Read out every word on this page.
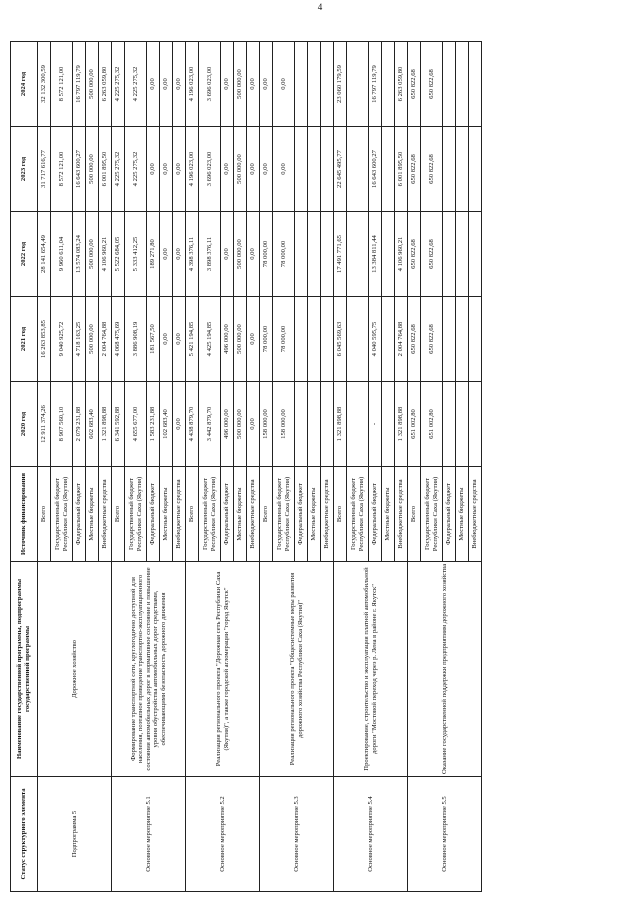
4
Статус структурного элемента	Наименование государственной программы, подпрограммы государственной программы	Источник финансирования	2020 год	2021 год	2022 год	2023 год	2024 год
Подпрограмма 5	Дорожное хозяйство	Всего	12 911 374,26	16 263 853,85	28 141 654,49	31 717 616,77	32 132 300,59
		Государственный бюджет Республики Саха (Якутия)	8 907 560,10	9 040 925,72	9 960 611,04	8 572 121,00	8 572 121,00
		Федеральный бюджет	2 079 231,88	4 718 163,25	13 574 083,24	16 643 600,27	16 797 119,79
		Местные бюджеты	602 683,40	500 000,00	500 000,00	500 000,00	500 000,00
		Внебюджетные средства	1 321 898,88	2 004 764,88	4 106 960,21	6 001 895,50	6 263 059,80
Основное мероприятие 5.1	Формирование транспортной сети, круглогодично доступной для населения, поэтапное приведение транспортно-эксплуатационного состояния автомобильных дорог в нормативное состояние и повышение уровня обустройства автомобильных дорог средствами, обеспечивающими безопасность дорожного движения	Всего	6 341 592,88	4 068 475,69	5 522 684,05	4 225 275,32	4 225 275,32
		Государственный бюджет Республики Саха (Якутия)	4 655 677,00	3 886 908,19	5 333 412,25	4 225 275,32	4 225 275,32
		Федеральный бюджет	1 583 231,88	181 567,50	189 271,80	0,00	0,00
		Местные бюджеты	102 683,40	0,00	0,00	0,00	0,00
		Внебюджетные средства	0,00	0,00	0,00	0,00	0,00
Основное мероприятие 5.2	Реализация регионального проекта "Дорожная сеть Республики Саха (Якутия)", а также городской агломерации "город Якутск"	Всего	4 438 879,70	5 421 194,85	4 398 376,11	4 196 023,00	4 196 023,00
		Государственный бюджет Республики Саха (Якутия)	3 442 879,70	4 425 194,85	3 898 376,11	3 696 023,00	3 696 023,00
		Федеральный бюджет	496 000,00	496 000,00	0,00	0,00	0,00
		Местные бюджеты	500 000,00	500 000,00	500 000,00	500 000,00	500 000,00
		Внебюджетные средства	0,00	0,00	0,00	0,00	0,00
Основное мероприятие 5.3	Реализация регионального проекта "Общесистемные меры развития дорожного хозяйства Республики Саха (Якутия)"	Всего	158 000,00	78 000,00	78 000,00	0,00	0,00
		Государственный бюджет Республики Саха (Якутия)	158 000,00	78 000,00	78 000,00	0,00	0,00
		Федеральный бюджет					
		Местные бюджеты					
		Внебюджетные средства					
Основное мероприятие 5.4	Проектирование, строительство и эксплуатация платной автомобильной дороги "Мостовой переход через р. Лена в районе г. Якутск"	Всего	1 321 898,88	6 045 569,63	17 491 771,65	22 645 495,77	23 060 179,59
		Государственный бюджет Республики Саха (Якутия)					
		Федеральный бюджет	-	4 040 595,75	13 384 811,44	16 643 600,27	16 797 119,79
		Местные бюджеты					
		Внебюджетные средства	1 321 898,88	2 004 764,88	4 106 960,21	6 001 895,50	6 263 059,80
Основное мероприятие 5.5	Оказание государственной поддержки предприятиям дорожного хозяйства	Всего	651 002,80	650 822,68	650 822,68	650 822,68	650 822,68
		Государственный бюджет Республики Саха (Якутия)	651 002,80	650 822,68	650 822,68	650 822,68	650 822,68
		Федеральный бюджет					
		Местные бюджеты					
		Внебюджетные средства					
